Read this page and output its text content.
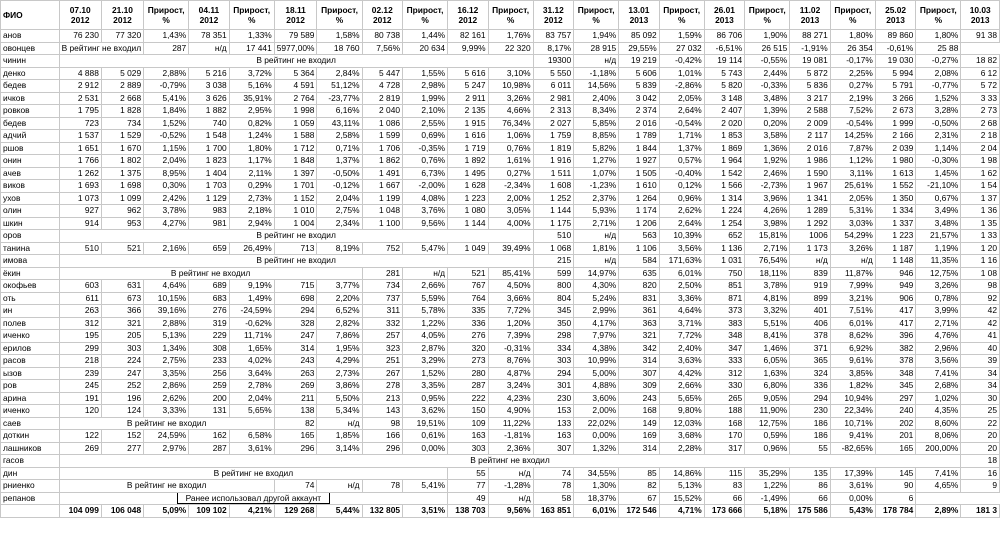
ФИО	07.10 2012	21.10 2012	Прирост, %	04.11 2012	Прирост, %	18.11 2012	Прирост, %	02.12 2012	Прирост, %	16.12 2012	Прирост, %	31.12 2012	Прирост, %	13.01 2013	Прирост, %	26.01 2013	Прирост, %	11.02 2013	Прирост, %	25.02 2013	Прирост, %	10.03 2013
анов	76 230	77 320	1,43%	78 351	1,33%	79 589	1,58%	80 738	1,44%	82 161	1,76%	83 757	1,94%	85 092	1,59%	86 706	1,90%	88 271	1,80%	89 860	1,80%	91 38
овонцев	В рейтинг не входил		287	н/д	17 441	5977,00%	18 760	7,56%	20 634	9,99%	22 320	8,17%	28 915	29,55%	27 032	-6,51%	26 515	-1,91%	26 354	-0,61%	25 88	
чинин	В рейтинг не входил											19300	н/д	19 219	-0,42%	19 114	-0,55%	19 081	-0,17%	19 030	-0,27%	18 82
денко	4 888	5 029	2,88%	5 216	3,72%	5 364	2,84%	5 447	1,55%	5 616	3,10%	5 550	-1,18%	5 606	1,01%	5 743	2,44%	5 872	2,25%	5 994	2,08%	6 12
бедев	2 912	2 889	-0,79%	3 038	5,16%	4 591	51,12%	4 728	2,98%	5 247	10,98%	6 011	14,56%	5 839	-2,86%	5 820	-0,33%	5 836	0,27%	5 791	-0,77%	5 72
ичков	2 531	2 668	5,41%	3 626	35,91%	2 764	-23,77%	2 819	1,99%	2 911	3,26%	2 981	2,40%	3 042	2,05%	3 148	3,48%	3 217	2,19%	3 266	1,52%	3 33
ровков	1 795	1 828	1,84%	1 882	2,95%	1 998	6,16%	2 040	2,10%	2 135	4,66%	2 313	8,34%	2 374	2,64%	2 407	1,39%	2 588	7,52%	2 673	3,28%	2 73
бедев	723	734	1,52%	740	0,82%	1 059	43,11%	1 086	2,55%	1 915	76,34%	2 027	5,85%	2 016	-0,54%	2 020	0,20%	2 009	-0,54%	1 999	-0,50%	2 68
адчий	1 537	1 529	-0,52%	1 548	1,24%	1 588	2,58%	1 599	0,69%	1 616	1,06%	1 759	8,85%	1 789	1,71%	1 853	3,58%	2 117	14,25%	2 166	2,31%	2 18
ршов	1 651	1 670	1,15%	1 700	1,80%	1 712	0,71%	1 706	-0,35%	1 719	0,76%	1 819	5,82%	1 844	1,37%	1 869	1,36%	2 016	7,87%	2 039	1,14%	2 04
онин	1 766	1 802	2,04%	1 823	1,17%	1 848	1,37%	1 862	0,76%	1 892	1,61%	1 916	1,27%	1 927	0,57%	1 964	1,92%	1 986	1,12%	1 980	-0,30%	1 98
ачев	1 262	1 375	8,95%	1 404	2,11%	1 397	-0,50%	1 491	6,73%	1 495	0,27%	1 511	1,07%	1 505	-0,40%	1 542	2,46%	1 590	3,11%	1 613	1,45%	1 62
виков	1 693	1 698	0,30%	1 703	0,29%	1 701	-0,12%	1 667	-2,00%	1 628	-2,34%	1 608	-1,23%	1 610	0,12%	1 566	-2,73%	1 967	25,61%	1 552	-21,10%	1 54
ухов	1 073	1 099	2,42%	1 129	2,73%	1 152	2,04%	1 199	4,08%	1 223	2,00%	1 252	2,37%	1 264	0,96%	1 314	3,96%	1 341	2,05%	1 350	0,67%	1 37
олин	927	962	3,78%	983	2,18%	1 010	2,75%	1 048	3,76%	1 080	3,05%	1 144	5,93%	1 174	2,62%	1 224	4,26%	1 289	5,31%	1 334	3,49%	1 36
шкин	914	953	4,27%	981	2,94%	1 004	2,34%	1 100	9,56%	1 144	4,00%	1 175	2,71%	1 206	2,64%	1 254	3,98%	1 292	3,03%	1 337	3,48%	1 35
оров	В рейтинг не входил											510	н/д	563	10,39%	652	15,81%	1006	54,29%	1 223	21,57%	1 33
танина	510	521	2,16%	659	26,49%	713	8,19%	752	5,47%	1 049	39,49%	1 068	1,81%	1 106	3,56%	1 136	2,71%	1 173	3,26%	1 187	1,19%	1 20
имова	В рейтинг не входил											215	н/д	584	171,63%	1 031	76,54%	н/д	н/д	1 148	11,35%	1 16
ёкин	В рейтинг не входил							281	н/д	521	85,41%	599	14,97%	635	6,01%	750	18,11%	839	11,87%	946	12,75%	1 08
окофьев	603	631	4,64%	689	9,19%	715	3,77%	734	2,66%	767	4,50%	800	4,30%	820	2,50%	851	3,78%	919	7,99%	949	3,26%	98
оть	611	673	10,15%	683	1,49%	698	2,20%	737	5,59%	764	3,66%	804	5,24%	831	3,36%	871	4,81%	899	3,21%	906	0,78%	92
ин	263	366	39,16%	276	-24,59%	294	6,52%	311	5,78%	335	7,72%	345	2,99%	361	4,64%	373	3,32%	401	7,51%	417	3,99%	42
полев	312	321	2,88%	319	-0,62%	328	2,82%	332	1,22%	336	1,20%	350	4,17%	363	3,71%	383	5,51%	406	6,01%	417	2,71%	42
иченко	195	205	5,13%	229	11,71%	247	7,86%	257	4,05%	276	7,39%	298	7,97%	321	7,72%	348	8,41%	378	8,62%	396	4,76%	41
ерилов	299	303	1,34%	308	1,65%	314	1,95%	323	2,87%	320	-0,31%	334	4,38%	342	2,40%	347	1,46%	371	6,92%	382	2,96%	40
расов	218	224	2,75%	233	4,02%	243	4,29%	251	3,29%	273	8,76%	303	10,99%	314	3,63%	333	6,05%	365	9,61%	378	3,56%	39
ызов	239	247	3,35%	256	3,64%	263	2,73%	267	1,52%	280	4,87%	294	5,00%	307	4,42%	312	1,63%	324	3,85%	348	7,41%	34
ров	245	252	2,86%	259	2,78%	269	3,86%	278	3,35%	287	3,24%	301	4,88%	309	2,66%	330	6,80%	336	1,82%	345	2,68%	34
арина	191	196	2,62%	200	2,04%	211	5,50%	213	0,95%	222	4,23%	230	3,60%	243	5,65%	265	9,05%	294	10,94%	297	1,02%	30
иченко	120	124	3,33%	131	5,65%	138	5,34%	143	3,62%	150	4,90%	153	2,00%	168	9,80%	188	11,90%	230	22,34%	240	4,35%	25
саев	В рейтинг не входил					82	н/д	98	19,51%	109	11,22%	133	22,02%	149	12,03%	168	12,75%	186	10,71%	202	8,60%	22
доткин	122	152	24,59%	162	6,58%	165	1,85%	166	0,61%	163	-1,81%	163	0,00%	169	3,68%	170	0,59%	186	9,41%	201	8,06%	20
лашников	269	277	2,97%	287	3,61%	296	3,14%	296	0,00%	303	2,36%	307	1,32%	314	2,28%	317	0,96%	55	-82,65%	165	200,00%	20
гасов	В рейтинг не входил																					18
дин	В рейтинг не входил									55	н/д	74	34,55%	85	14,86%	115	35,29%	135	17,39%	145	7,41%	16
рниенко	В рейтинг не входил					74	н/д	78	5,41%	77	-1,28%	78	1,30%	82	5,13%	83	1,22%	86	3,61%	90	4,65%	9
репанов	Ранее использовал другой аккаунт									49	н/д	58	18,37%	67	15,52%	66	-1,49%	66	0,00%	6		
	104 099	106 048	5,09%	109 102	4,21%	129 268	5,44%	132 805	3,51%	138 703	9,56%	163 851	6,01%	172 546	4,71%	173 666	5,18%	175 586	5,43%	178 784	2,89%	181 3
